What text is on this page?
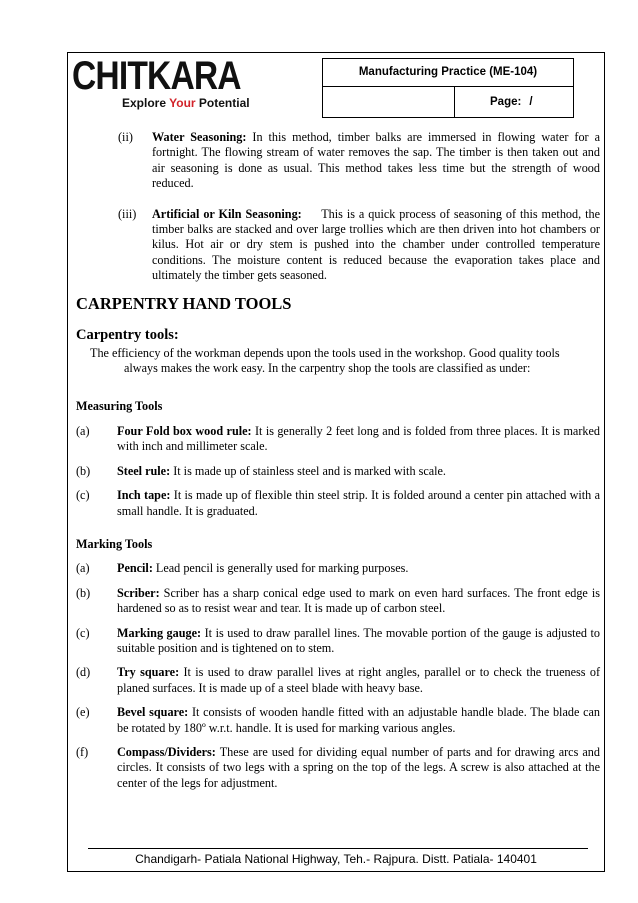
CHITKARA
Explore Your Potential
Manufacturing Practice (ME-104)
Page: /
(ii) Water Seasoning: In this method, timber balks are immersed in flowing water for a fortnight. The flowing stream of water removes the sap. The timber is then taken out and air seasoning is done as usual. This method takes less time but the strength of wood reduced.
(iii) Artificial or Kiln Seasoning:     This is a quick process of seasoning of this method, the timber balks are stacked and over large trollies which are then driven into hot chambers or kilus. Hot air or dry stem is pushed into the chamber under controlled temperature conditions. The moisture content is reduced because the evaporation takes place and ultimately the timber gets seasoned.
CARPENTRY HAND TOOLS
Carpentry tools:
The efficiency of the workman depends upon the tools used in the workshop. Good quality tools
always makes the work easy. In the carpentry shop the tools are classified as under:
Measuring Tools
(a) Four Fold box wood rule: It is generally 2 feet long and is folded from three places. It is marked with inch and millimeter scale.
(b) Steel rule: It is made up of stainless steel and is marked with scale.
(c) Inch tape: It is made up of flexible thin steel strip. It is folded around a center pin attached with a small handle. It is graduated.
Marking Tools
(a) Pencil: Lead pencil is generally used for marking purposes.
(b) Scriber: Scriber has a sharp conical edge used to mark on even hard surfaces. The front edge is hardened so as to resist wear and tear. It is made up of carbon steel.
(c) Marking gauge: It is used to draw parallel lines. The movable portion of the gauge is adjusted to suitable position and is tightened on to stem.
(d) Try square: It is used to draw parallel lives at right angles, parallel or to check the trueness of planed surfaces. It is made up of a steel blade with heavy base.
(e) Bevel square: It consists of wooden handle fitted with an adjustable handle blade. The blade can be rotated by 180º w.r.t. handle. It is used for marking various angles.
(f) Compass/Dividers: These are used for dividing equal number of parts and for drawing arcs and circles. It consists of two legs with a spring on the top of the legs. A screw is also attached at the center of the legs for adjustment.
Chandigarh- Patiala National Highway, Teh.- Rajpura. Distt. Patiala- 140401
